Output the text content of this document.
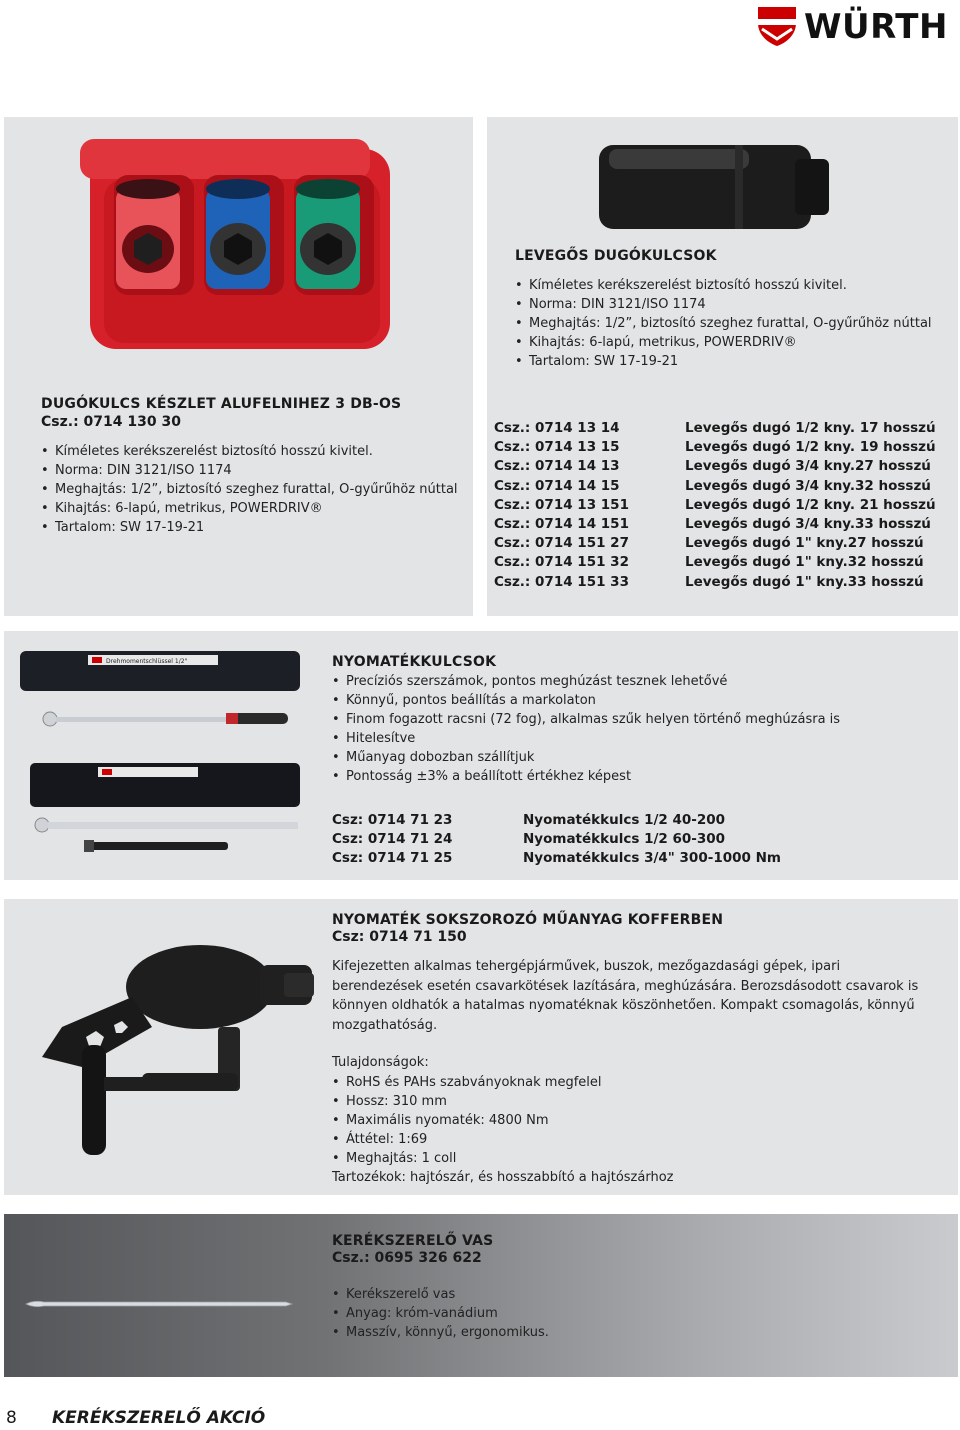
WÜRTH
DUGÓKULCS KÉSZLET ALUFELNIHEZ 3 DB-OS
Csz.: 0714 130 30
• Kíméletes kerékszerelést biztosító hosszú kivitel.
• Norma: DIN 3121/ISO 1174
• Meghajtás: 1/2”, biztosító szeghez furattal, O-gyűrűhöz núttal
• Kihajtás: 6-lapú, metrikus, POWERDRIV®
• Tartalom: SW 17-19-21
LEVEGŐS DUGÓKULCSOK
• Kíméletes kerékszerelést biztosító hosszú kivitel.
• Norma: DIN 3121/ISO 1174
• Meghajtás: 1/2”, biztosító szeghez furattal, O-gyűrűhöz núttal
• Kihajtás: 6-lapú, metrikus, POWERDRIV®
• Tartalom: SW 17-19-21
Csz.: 0714 13 14	Levegős dugó 1/2 kny. 17 hosszú
Csz.: 0714 13 15	Levegős dugó 1/2 kny. 19 hosszú
Csz.: 0714 14 13	Levegős dugó 3/4 kny.27 hosszú
Csz.: 0714 14 15	Levegős dugó 3/4 kny.32 hosszú
Csz.: 0714 13 151	Levegős dugó 1/2 kny. 21 hosszú
Csz.: 0714 14 151	Levegős dugó 3/4 kny.33 hosszú
Csz.: 0714 151 27	Levegős dugó 1" kny.27 hosszú
Csz.: 0714 151 32	Levegős dugó 1" kny.32 hosszú
Csz.: 0714 151 33	Levegős dugó 1" kny.33 hosszú
Drehmomentschlüssel 1/2"	NYOMATÉKKULCSOK
• Precíziós szerszámok, pontos meghúzást tesznek lehetővé
• Könnyű, pontos beállítás a markolaton
• Finom fogazott racsni (72 fog), alkalmas szűk helyen történő meghúzásra is
• Hitelesítve
• Műanyag dobozban szállítjuk
• Pontosság ±3% a beállított értékhez képest
Csz: 0714 71 23	Nyomatékkulcs 1/2 40-200
Csz: 0714 71 24	Nyomatékkulcs 1/2 60-300
Csz: 0714 71 25	Nyomatékkulcs 3/4" 300-1000 Nm
NYOMATÉK SOKSZOROZÓ MŰANYAG KOFFERBEN
Csz: 0714 71 150
Kifejezetten alkalmas tehergépjárművek, buszok, mezőgazdasági gépek, ipari berendezések esetén csavarkötések lazítására, meghúzására. Berozsdásodott csavarok is könnyen oldhatók a hatalmas nyomatéknak köszönhetően. Kompakt csomagolás, könnyű mozgathatóság.
Tulajdonságok:
• RoHS és PAHs szabványoknak megfelel
• Hossz: 310 mm
• Maximális nyomaték: 4800 Nm
• Áttétel: 1:69
• Meghajtás: 1 coll
Tartozékok: hajtószár, és hosszabbító a hajtószárhoz
KERÉKSZERELŐ VAS
Csz.: 0695 326 622
• Kerékszerelő vas
• Anyag: króm-vanádium
• Masszív, könnyű, ergonomikus.
8 KERÉKSZERELŐ AKCIÓ
